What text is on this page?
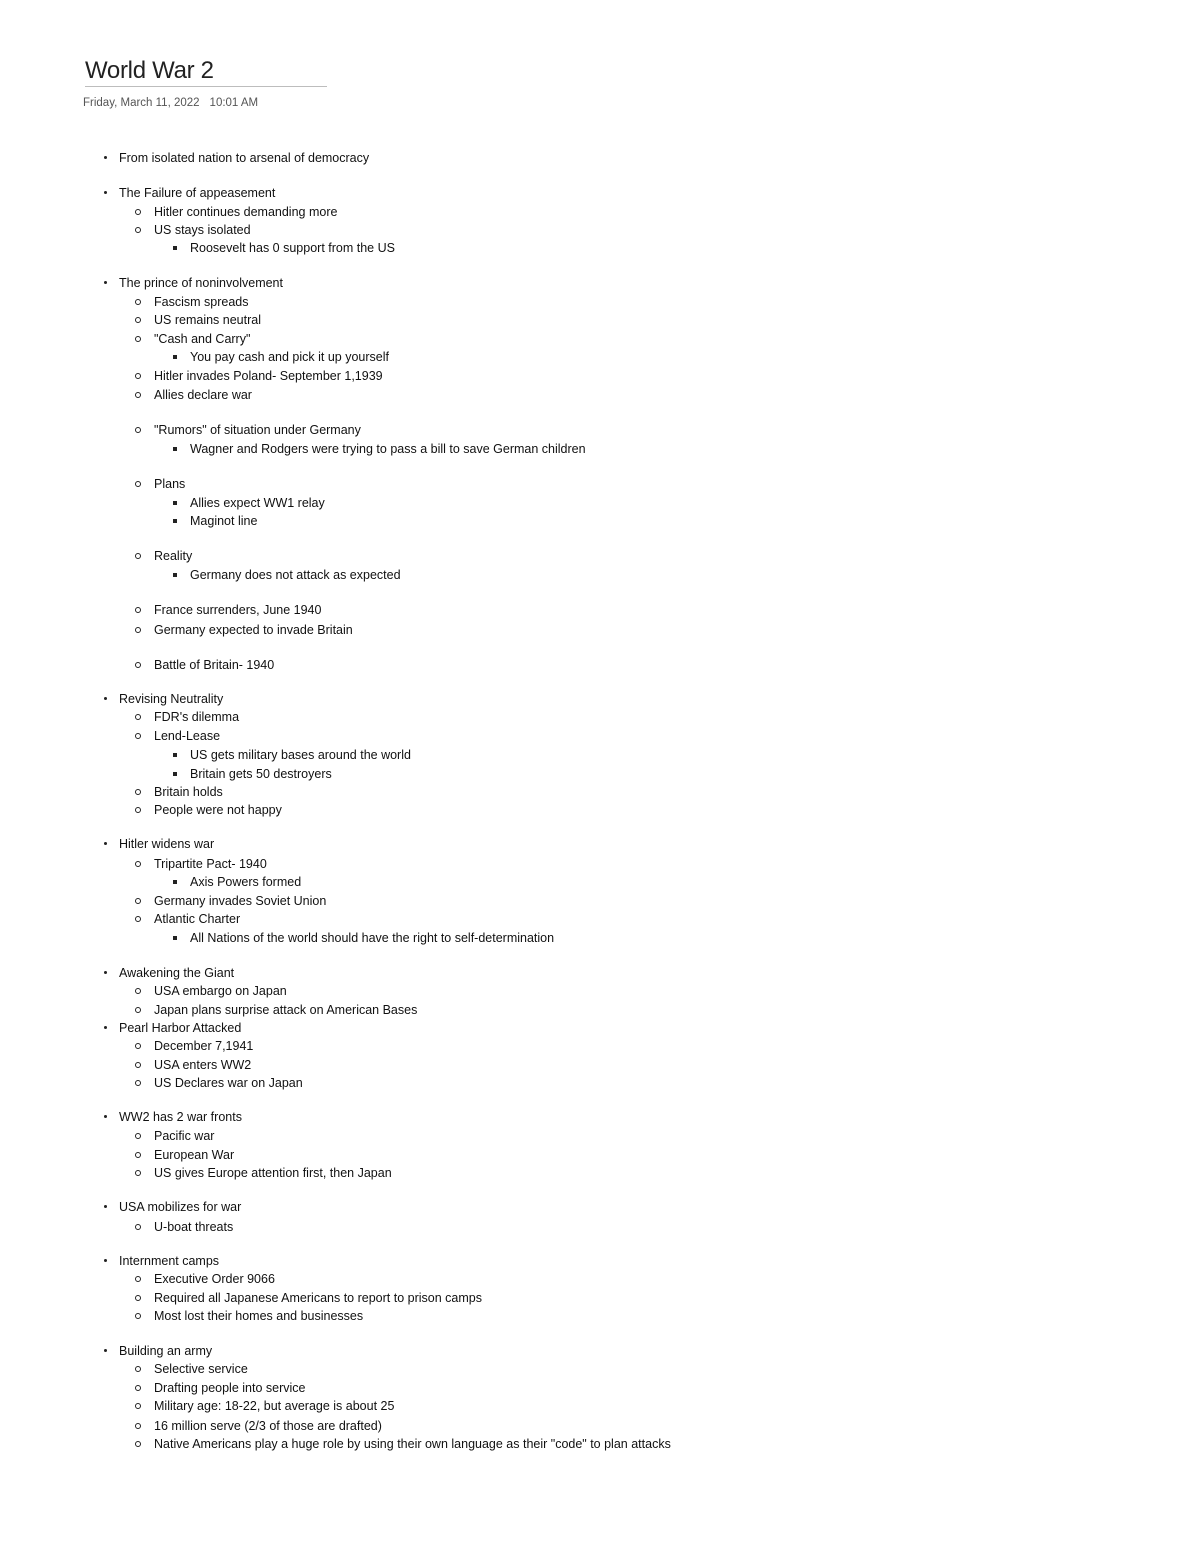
World War 2
Friday, March 11, 2022 10:01 AM
From isolated nation to arsenal of democracy
The Failure of appeasement
Hitler continues demanding more
US stays isolated
Roosevelt has 0 support from the US
The prince of noninvolvement
Fascism spreads
US remains neutral
"Cash and Carry"
You pay cash and pick it up yourself
Hitler invades Poland- September 1,1939
Allies declare war
"Rumors" of situation under Germany
Wagner and Rodgers were trying to pass a bill to save German children
Plans
Allies expect WW1 relay
Maginot line
Reality
Germany does not attack as expected
France surrenders, June 1940
Germany expected to invade Britain
Battle of Britain- 1940
Revising Neutrality
FDR's dilemma
Lend-Lease
US gets military bases around the world
Britain gets 50 destroyers
Britain holds
People were not happy
Hitler widens war
Tripartite Pact- 1940
Axis Powers formed
Germany invades Soviet Union
Atlantic Charter
All Nations of the world should have the right to self-determination
Awakening the Giant
USA embargo on Japan
Japan plans surprise attack on American Bases
Pearl Harbor Attacked
December 7,1941
USA enters WW2
US Declares war on Japan
WW2 has 2 war fronts
Pacific war
European War
US gives Europe attention first, then Japan
USA mobilizes for war
U-boat threats
Internment camps
Executive Order 9066
Required all Japanese Americans to report to prison camps
Most lost their homes and businesses
Building an army
Selective service
Drafting people into service
Military age: 18-22, but average is about 25
16 million serve (2/3 of those are drafted)
Native Americans play a huge role by using their own language as their "code" to plan attacks
